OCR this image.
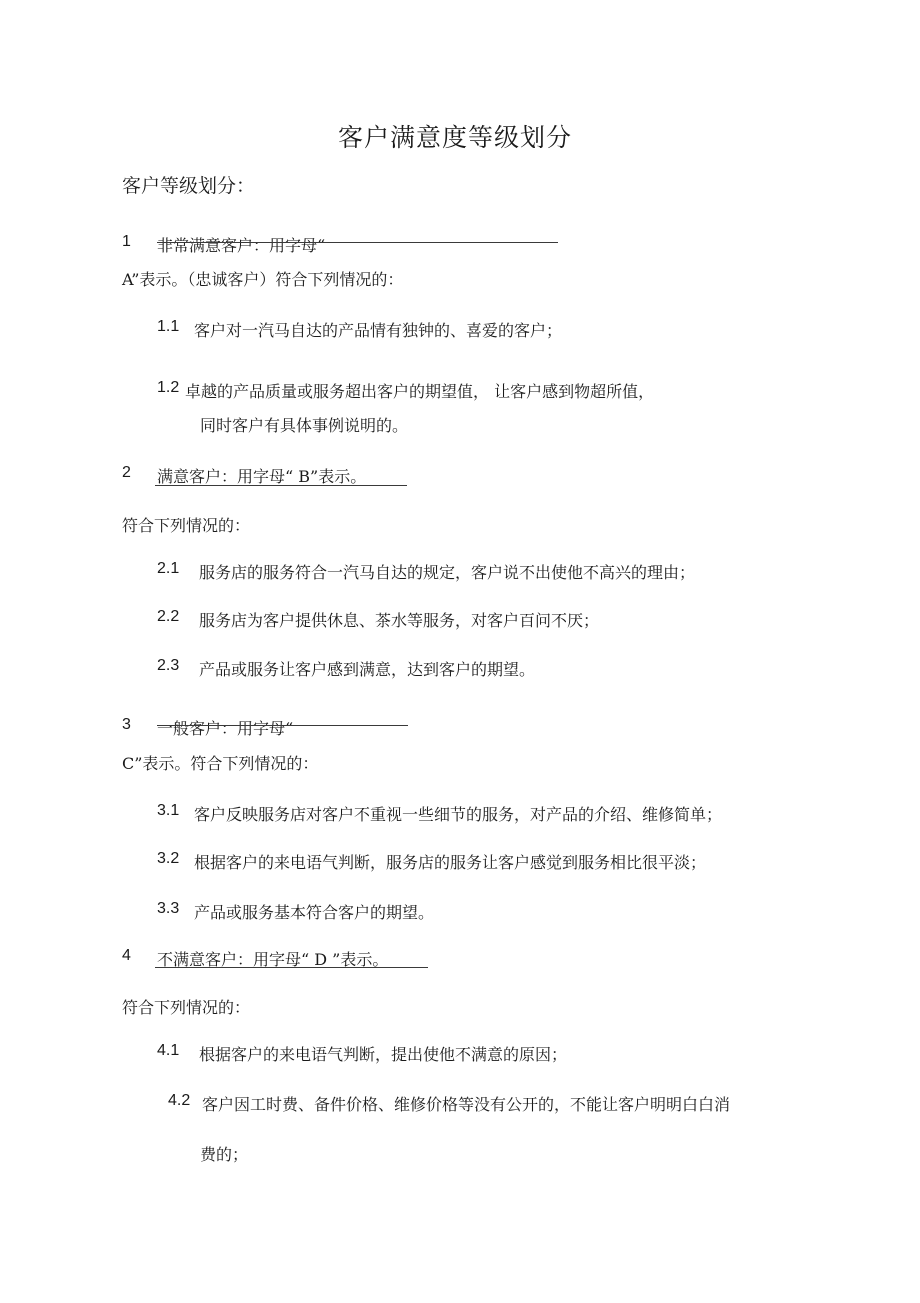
客户满意度等级划分
客户等级划分：
1 非常满意客户：用字母“
A”表示。（忠诚客户）符合下列情况的：
1.1 客户对一汽马自达的产品情有独钟的、喜爱的客户；
1.2 卓越的产品质量或服务超出客户的期望值， 让客户感到物超所值，
同时客户有具体事例说明的。
2 满意客户：用字母“ B”表示。
符合下列情况的：
2.1 服务店的服务符合一汽马自达的规定，客户说不出使他不高兴的理由；
2.2 服务店为客户提供休息、茶水等服务，对客户百问不厌；
2.3 产品或服务让客户感到满意，达到客户的期望。
3 一般客户：用字母“
C”表示。符合下列情况的：
3.1 客户反映服务店对客户不重视一些细节的服务，对产品的介绍、维修简单；
3.2 根据客户的来电语气判断，服务店的服务让客户感觉到服务相比很平淡；
3.3 产品或服务基本符合客户的期望。
4 不满意客户：用字母“ D ”表示。
符合下列情况的：
4.1 根据客户的来电语气判断，提出使他不满意的原因；
4.2 客户因工时费、备件价格、维修价格等没有公开的，不能让客户明明白白消
费的；
